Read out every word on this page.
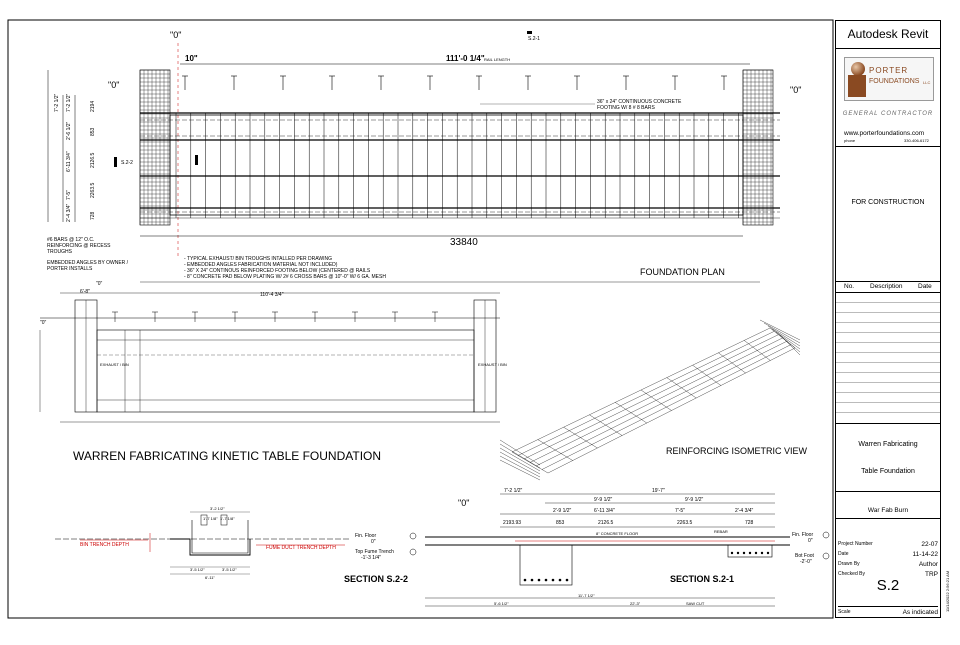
"0"
10"	111'-0 1/4" RAIL LENGTH
S.2-1
"0"	"0"
S.2-2
36" x 24" CONTINUOUS CONCRETE
FOOTING W/ 8 # 8 BARS
7'-2 1/2" 7'-2 1/2"
2'-6 1/2"
6'-11 3/4"
7'-5"
2'-4 3/4"
2194
853
2126.5
2263.5
728
33840
#6 BARS @ 12" O.C.
REINFORCING @ RECESS
TROUGHS
EMBEDDED ANGLES BY OWNER /
PORTER INSTALLS
- TYPICAL EXHAUST/ BIN TROUGHS INTALLED PER DRAWING
- EMBEDDED ANGLES FABRICATION MATERIAL NOT INCLUDED)
- 36" X 24" CONTINOUS REINFORCED FOOTING BELOW (CENTERED @ RAILS
- 8" CONCRETE PAD BELOW PLATING W/ 2# 6 CROSS BARS @ 10"-0" W/ 6 GA. MESH	FOUNDATION PLAN
6'-8"
"0"
110'-4 3/4"
"0"
EXHAUST / BIN	EXHAUST / BIN
WARREN FABRICATING KINETIC TABLE FOUNDATION	REINFORCING ISOMETRIC VIEW
BIN TRENCH DEPTH	FUME DUCT TRENCH DEPTH
3'-2 1/2"
1'-7 1/8" 1'-7 1/8"
3'-5 1/2"	3'-5 1/2"
6'-11"
Fin. Floor
0"
Top Fume Trench
-1'-3 1/4"
SECTION S.2-2
"0"
7'-2 1/2"	19'-7"
9'-9 1/2"	9'-9 1/2"
2'-9 1/2"	6'-11 3/4"	7'-5"	2'-4 3/4"
2193.93	853	2126.5	2263.5	728
8" CONCRETE FLOOR	REBAR
11'-7 1/2"
22'-3"
5'-6 1/2"	SAW CUT
Fin. Floor
0"
Bot Foot
-2'-0"
SECTION S.2-1
Autodesk Revit
PORTER
FOUNDATIONS LLC
GENERAL CONTRACTOR
www.porterfoundations.com
phone	330-406-6172
FOR CONSTRUCTION
No. Description Date
Warren Fabricating
Table Foundation
War Fab Burn
Project Number	22-07
Date	11-14-22
Drawn By	Author
Checked By	TRP
S.2
Scale	As indicated
11/14/2022 2:56:21 AM
